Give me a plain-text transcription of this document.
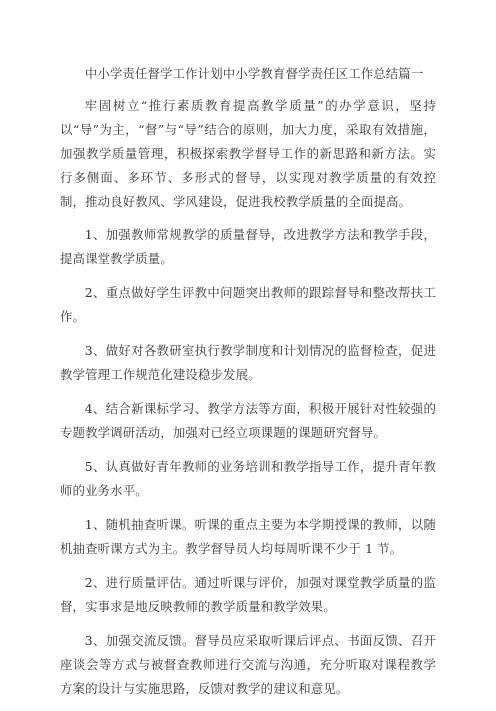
中小学责任督学工作计划中小学教育督学责任区工作总结篇一

牢固树立“推行素质教育提高教学质量”的办学意识，坚持以“导”为主，“督”与“导”结合的原则，加大力度，采取有效措施，加强教学质量管理，积极探索教学督导工作的新思路和新方法。实行多侧面、多环节、多形式的督导，以实现对教学质量的有效控制，推动良好教风、学风建设，促进我校教学质量的全面提高。

1、加强教师常规教学的质量督导，改进教学方法和教学手段，提高课堂教学质量。

2、重点做好学生评教中问题突出教师的跟踪督导和整改帮扶工作。

3、做好对各教研室执行教学制度和计划情况的监督检查，促进教学管理工作规范化建设稳步发展。

4、结合新课标学习、教学方法等方面，积极开展针对性较强的专题教学调研活动，加强对已经立项课题的课题研究督导。

5、认真做好青年教师的业务培训和教学指导工作，提升青年教师的业务水平。

1、随机抽查听课。听课的重点主要为本学期授课的教师，以随机抽查听课方式为主。教学督导员人均每周听课不少于 1 节。

2、进行质量评估。通过听课与评价，加强对课堂教学质量的监督，实事求是地反映教师的教学质量和教学效果。

3、加强交流反馈。督导员应采取听课后评点、书面反馈、召开座谈会等方式与被督查教师进行交流与沟通，充分听取对课程教学方案的设计与实施思路，反馈对教学的建议和意见。
